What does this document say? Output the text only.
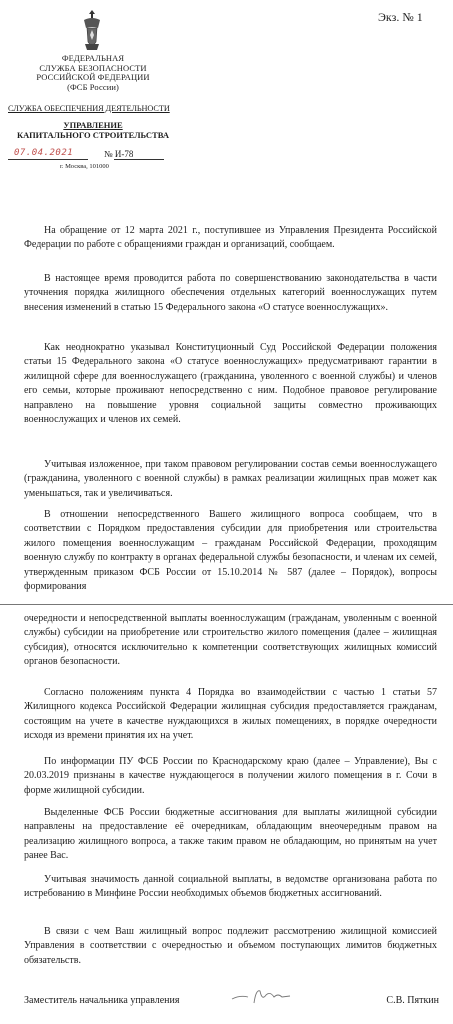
Экз. № 1
ФЕДЕРАЛЬНАЯ
СЛУЖБА БЕЗОПАСНОСТИ
РОССИЙСКОЙ ФЕДЕРАЦИИ
(ФСБ России)
СЛУЖБА ОБЕСПЕЧЕНИЯ ДЕЯТЕЛЬНОСТИ
УПРАВЛЕНИЕ
КАПИТАЛЬНОГО СТРОИТЕЛЬСТВА
07.04.2021	№ И-78
г. Москва, 101000

На обращение от 12 марта 2021 г., поступившее из Управления Президента Российской Федерации по работе с обращениями граждан и организаций, сообщаем.

В настоящее время проводится работа по совершенствованию законодательства в части уточнения порядка жилищного обеспечения отдельных категорий военнослужащих путем внесения изменений в статью 15 Федерального закона «О статусе военнослужащих».

Как неоднократно указывал Конституционный Суд Российской Федерации положения статьи 15 Федерального закона «О статусе военнослужащих» предусматривают гарантии в жилищной сфере для военнослужащего (гражданина, уволенного с военной службы) и членов его семьи, которые проживают непосредственно с ним. Подобное правовое регулирование направлено на повышение уровня социальной защиты совместно проживающих военнослужащих и членов их семей.

Учитывая изложенное, при таком правовом регулировании состав семьи военнослужащего (гражданина, уволенного с военной службы) в рамках реализации жилищных прав может как уменьшаться, так и увеличиваться.

В отношении непосредственного Вашего жилищного вопроса сообщаем, что в соответствии с Порядком предоставления субсидии для приобретения или строительства жилого помещения военнослужащим – гражданам Российской Федерации, проходящим военную службу по контракту в органах федеральной службы безопасности, и членам их семей, утвержденным приказом ФСБ России от 15.10.2014 № 587 (далее – Порядок), вопросы формирования

очередности и непосредственной выплаты военнослужащим (гражданам, уволенным с военной службы) субсидии на приобретение или строительство жилого помещения (далее – жилищная субсидия), относятся исключительно к компетенции соответствующих жилищных комиссий органов безопасности.

Согласно положениям пункта 4 Порядка во взаимодействии с частью 1 статьи 57 Жилищного кодекса Российской Федерации жилищная субсидия предоставляется гражданам, состоящим на учете в качестве нуждающихся в жилых помещениях, в порядке очередности исходя из времени принятия их на учет.

По информации ПУ ФСБ России по Краснодарскому краю (далее – Управление), Вы с 20.03.2019 признаны в качестве нуждающегося в получении жилого помещения в г. Сочи в форме жилищной субсидии.

Выделенные ФСБ России бюджетные ассигнования для выплаты жилищной субсидии направлены на предоставление её очередникам, обладающим внеочередным правом на реализацию жилищного вопроса, а также таким правом не обладающим, но принятым на учет ранее Вас.

Учитывая значимость данной социальной выплаты, в ведомстве организована работа по истребованию в Минфине России необходимых объемов бюджетных ассигнований.

В связи с чем Ваш жилищный вопрос подлежит рассмотрению жилищной комиссией Управления в соответствии с очередностью и объемом поступающих лимитов бюджетных обязательств.

Заместитель начальника управления	С.В. Пяткин
